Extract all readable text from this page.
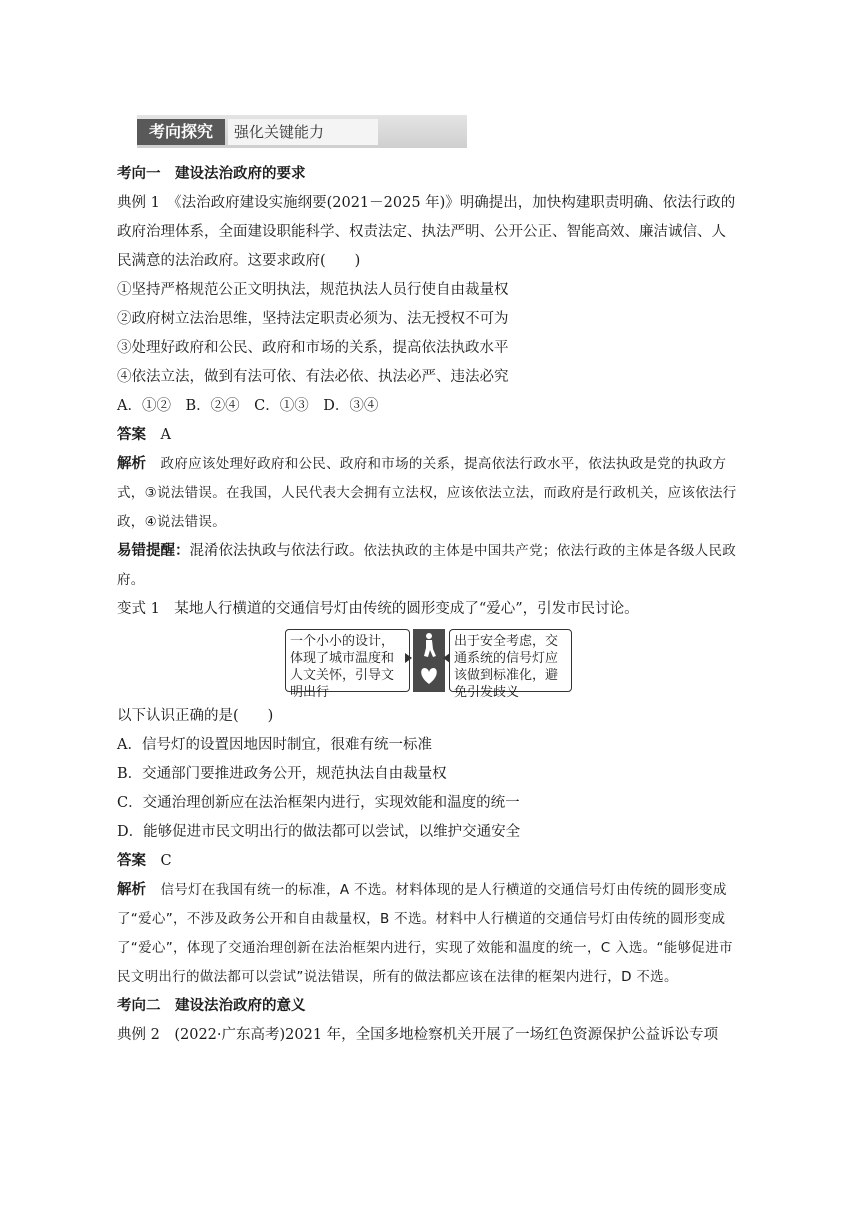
考向探究	强化关键能力

考向一　建设法治政府的要求

典例 1　《法治政府建设实施纲要(2021－2025 年)》明确提出，加快构建职责明确、依法行政的政府治理体系，全面建设职能科学、权责法定、执法严明、公开公正、智能高效、廉洁诚信、人民满意的法治政府。这要求政府(　　)

①坚持严格规范公正文明执法，规范执法人员行使自由裁量权

②政府树立法治思维，坚持法定职责必须为、法无授权不可为

③处理好政府和公民、政府和市场的关系，提高依法执政水平

④依法立法，做到有法可依、有法必依、执法必严、违法必究

A．①②　B．②④　C．①③　D．③④

答案 A

解析 政府应该处理好政府和公民、政府和市场的关系，提高依法行政水平，依法执政是党的执政方式，③说法错误。在我国，人民代表大会拥有立法权，应该依法立法，而政府是行政机关，应该依法行政，④说法错误。

易错提醒：混淆依法执政与依法行政。依法执政的主体是中国共产党；依法行政的主体是各级人民政府。

变式 1　某地人行横道的交通信号灯由传统的圆形变成了“爱心”，引发市民讨论。

一个小小的设计，体现了城市温度和人文关怀，引导文明出行
出于安全考虑，交通系统的信号灯应该做到标准化，避免引发歧义

以下认识正确的是(　　)

A．信号灯的设置因地因时制宜，很难有统一标准

B．交通部门要推进政务公开，规范执法自由裁量权

C．交通治理创新应在法治框架内进行，实现效能和温度的统一

D．能够促进市民文明出行的做法都可以尝试，以维护交通安全

答案 C

解析 信号灯在我国有统一的标准，A 不选。材料体现的是人行横道的交通信号灯由传统的圆形变成了“爱心”，不涉及政务公开和自由裁量权，B 不选。材料中人行横道的交通信号灯由传统的圆形变成了“爱心”，体现了交通治理创新在法治框架内进行，实现了效能和温度的统一，C 入选。“能够促进市民文明出行的做法都可以尝试”说法错误，所有的做法都应该在法律的框架内进行，D 不选。

考向二　建设法治政府的意义

典例 2　(2022·广东高考)2021 年，全国多地检察机关开展了一场红色资源保护公益诉讼专项
